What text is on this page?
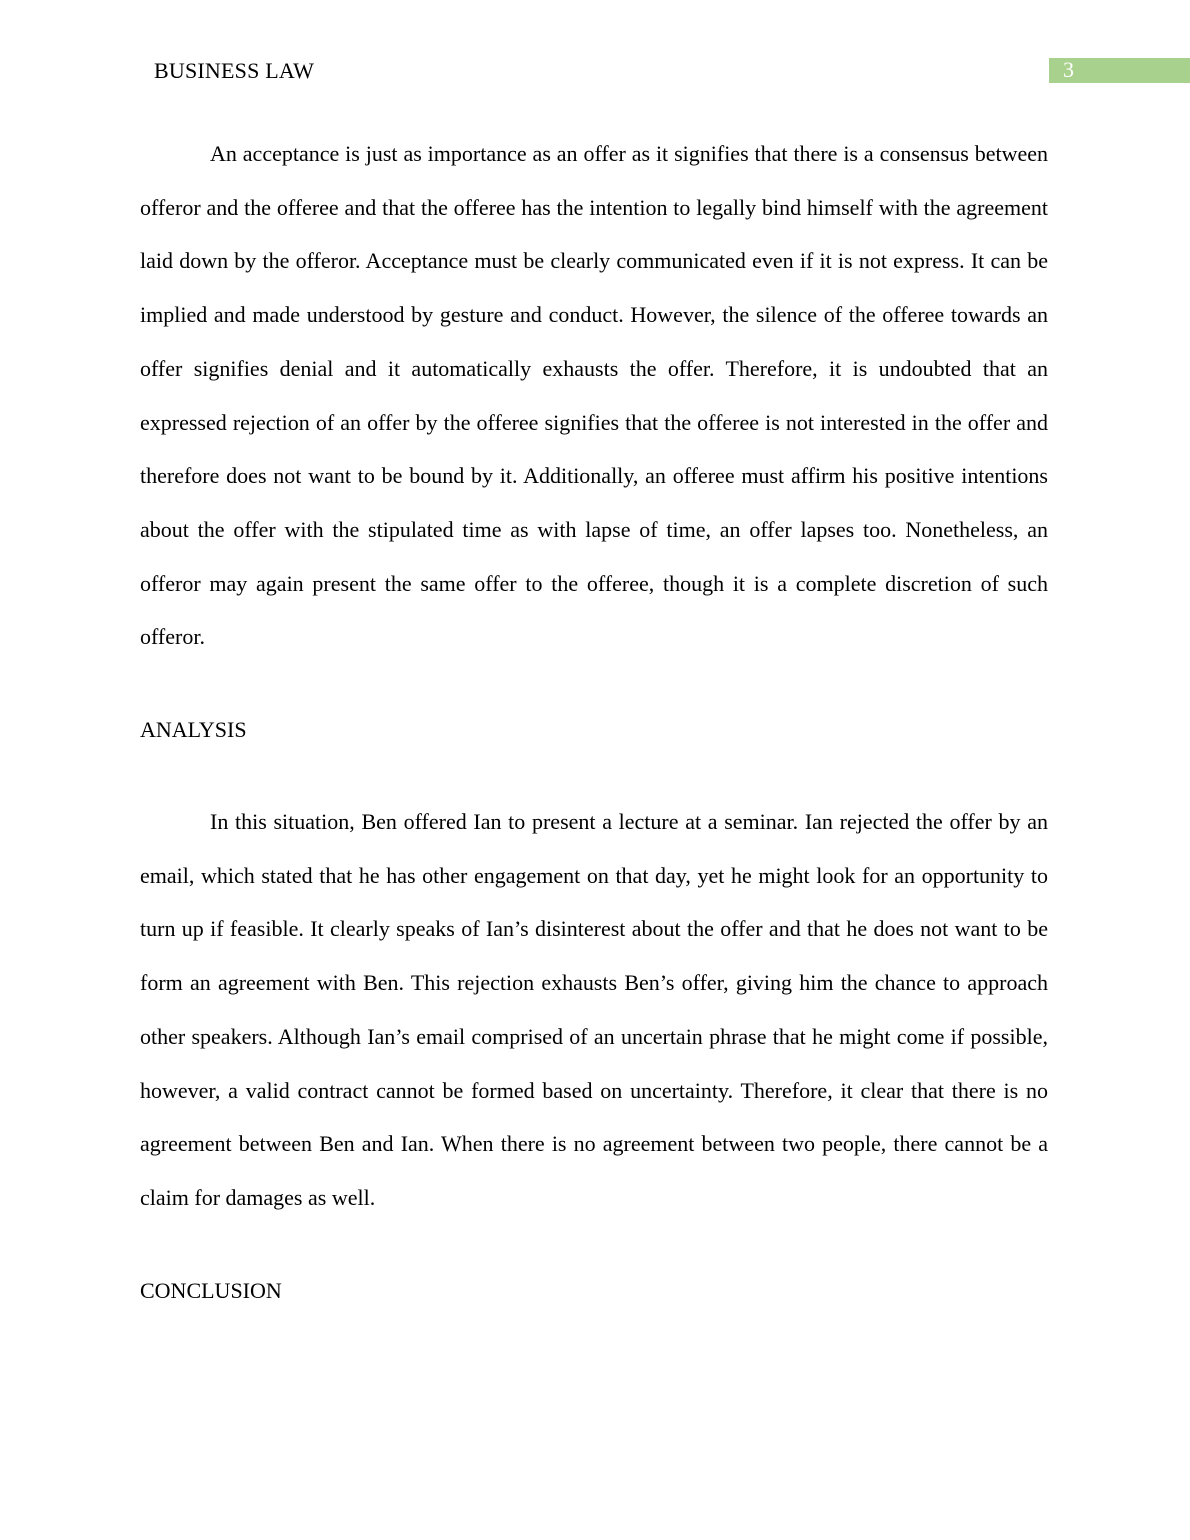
BUSINESS LAW	3

An acceptance is just as importance as an offer as it signifies that there is a consensus between offeror and the offeree and that the offeree has the intention to legally bind himself with the agreement laid down by the offeror. Acceptance must be clearly communicated even if it is not express. It can be implied and made understood by gesture and conduct. However, the silence of the offeree towards an offer signifies denial and it automatically exhausts the offer. Therefore, it is undoubted that an expressed rejection of an offer by the offeree signifies that the offeree is not interested in the offer and therefore does not want to be bound by it. Additionally, an offeree must affirm his positive intentions about the offer with the stipulated time as with lapse of time, an offer lapses too. Nonetheless, an offeror may again present the same offer to the offeree, though it is a complete discretion of such offeror.

ANALYSIS

In this situation, Ben offered Ian to present a lecture at a seminar. Ian rejected the offer by an email, which stated that he has other engagement on that day, yet he might look for an opportunity to turn up if feasible. It clearly speaks of Ian’s disinterest about the offer and that he does not want to be form an agreement with Ben. This rejection exhausts Ben’s offer, giving him the chance to approach other speakers. Although Ian’s email comprised of an uncertain phrase that he might come if possible, however, a valid contract cannot be formed based on uncertainty. Therefore, it clear that there is no agreement between Ben and Ian. When there is no agreement between two people, there cannot be a claim for damages as well.

CONCLUSION
